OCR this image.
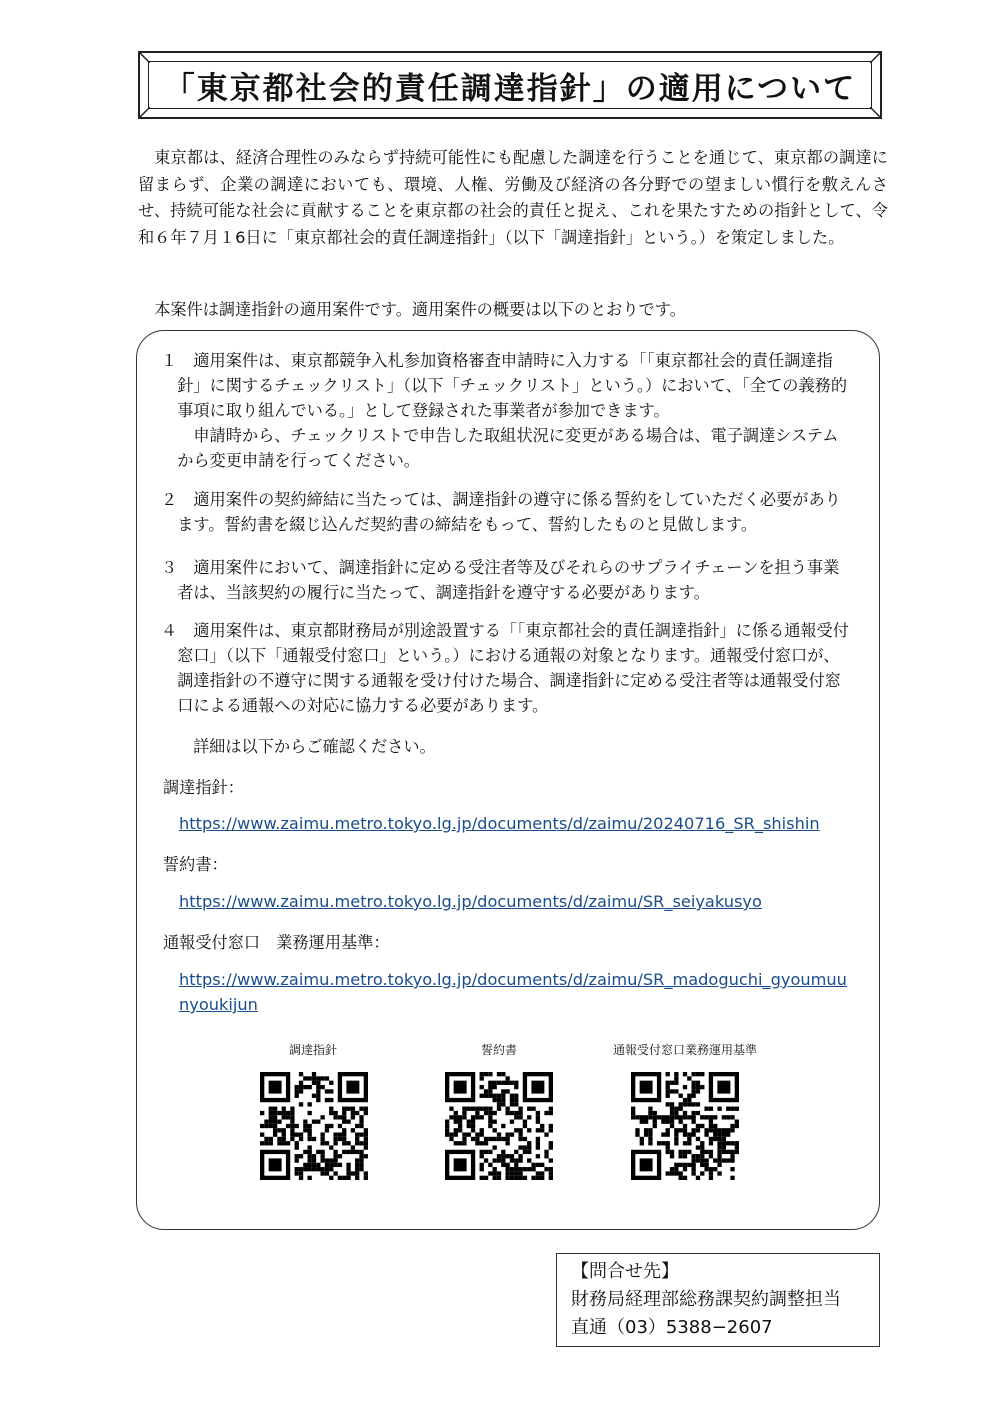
「東京都社会的責任調達指針」の適用について

東京都は、経済合理性のみならず持続可能性にも配慮した調達を行うことを通じて、東京都の調達に留まらず、企業の調達においても、環境、人権、労働及び経済の各分野での望ましい慣行を敷えんさせ、持続可能な社会に貢献することを東京都の社会的責任と捉え、これを果たすための指針として、令和６年７月１6日に「東京都社会的責任調達指針」（以下「調達指針」という。）を策定しました。

本案件は調達指針の適用案件です。適用案件の概要は以下のとおりです。

１　適用案件は、東京都競争入札参加資格審査申請時に入力する「「東京都社会的責任調達指針」に関するチェックリスト」（以下「チェックリスト」という。）において、「全ての義務的事項に取り組んでいる。」として登録された事業者が参加できます。

申請時から、チェックリストで申告した取組状況に変更がある場合は、電子調達システムから変更申請を行ってください。

２　適用案件の契約締結に当たっては、調達指針の遵守に係る誓約をしていただく必要があります。誓約書を綴じ込んだ契約書の締結をもって、誓約したものと見做します。

３　適用案件において、調達指針に定める受注者等及びそれらのサプライチェーンを担う事業者は、当該契約の履行に当たって、調達指針を遵守する必要があります。

４　適用案件は、東京都財務局が別途設置する「「東京都社会的責任調達指針」に係る通報受付窓口」（以下「通報受付窓口」という。）における通報の対象となります。通報受付窓口が、調達指針の不遵守に関する通報を受け付けた場合、調達指針に定める受注者等は通報受付窓口による通報への対応に協力する必要があります。

詳細は以下からご確認ください。
調達指針：
https://www.zaimu.metro.tokyo.lg.jp/documents/d/zaimu/20240716_SR_shishin
誓約書：
https://www.zaimu.metro.tokyo.lg.jp/documents/d/zaimu/SR_seiyakusyo
通報受付窓口　業務運用基準：
https://www.zaimu.metro.tokyo.lg.jp/documents/d/zaimu/SR_madoguchi_gyoumuunyoukijun
調達指針	誓約書	通報受付窓口業務運用基準
【問合せ先】
財務局経理部総務課契約調整担当
直通（03）5388−2607
